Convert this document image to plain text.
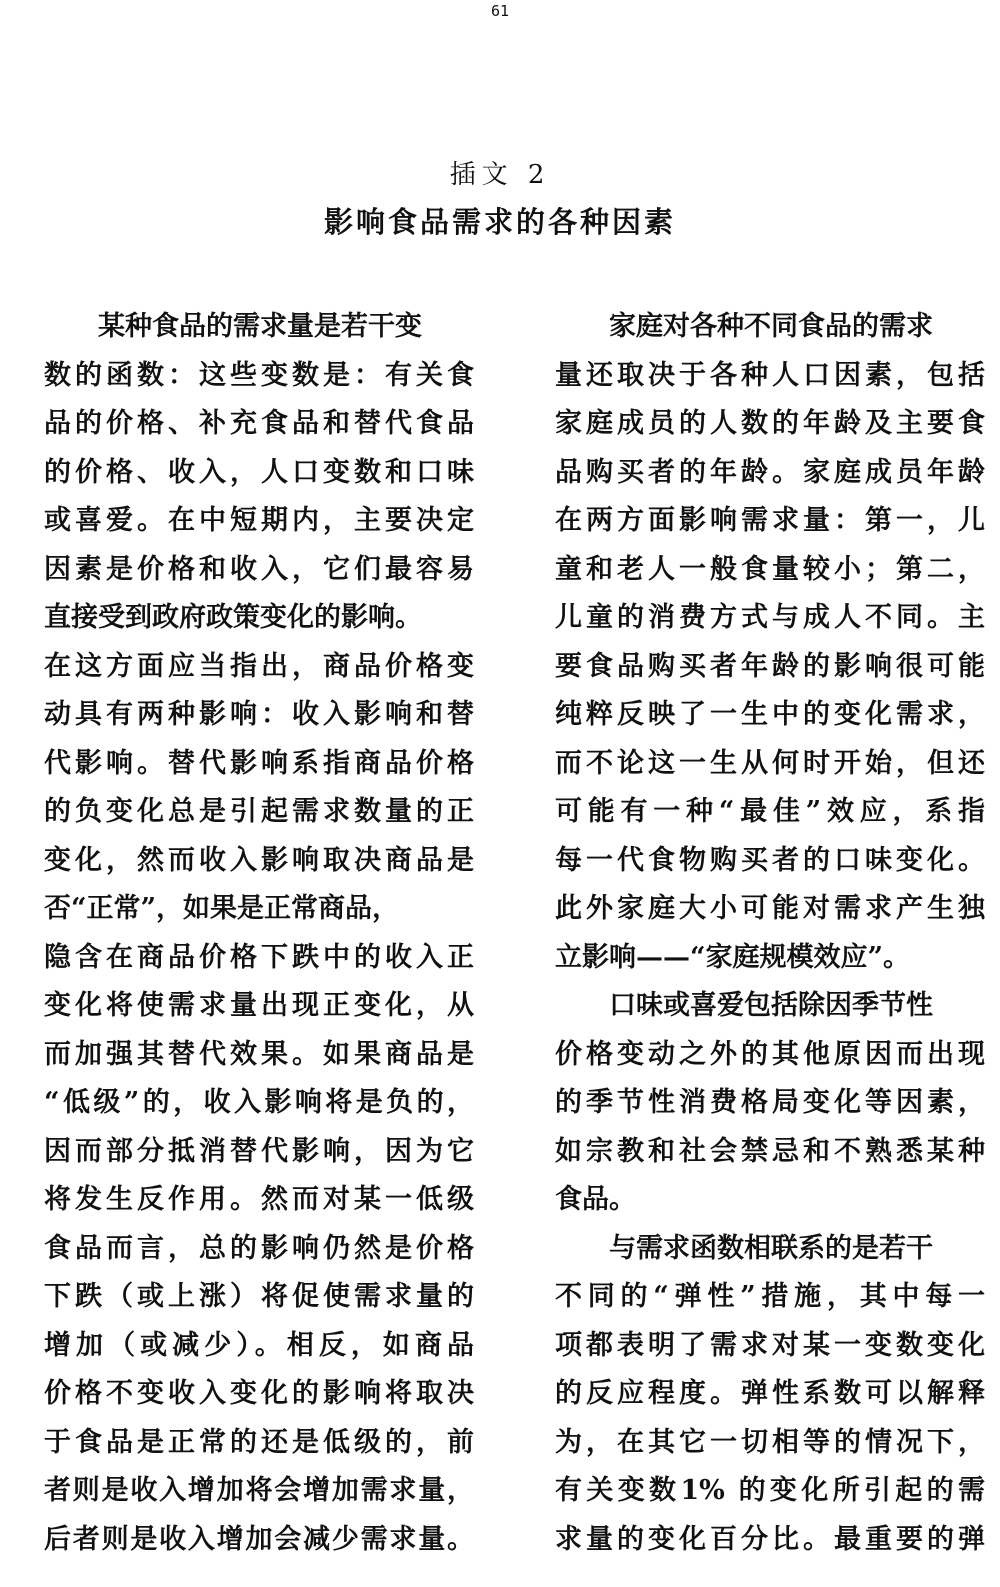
61
插文 2
影响食品需求的各种因素
某种食品的需求量是若干变
数的函数：这些变数是：有关食
品的价格、补充食品和替代食品
的价格、收入，人口变数和口味
或喜爱。在中短期内，主要决定
因素是价格和收入，它们最容易
直接受到政府政策变化的影响。
在这方面应当指出，商品价格变
动具有两种影响：收入影响和替
代影响。替代影响系指商品价格
的负变化总是引起需求数量的正
变化，然而收入影响取决商品是
否“正常”，如果是正常商品，
隐含在商品价格下跌中的收入正
变化将使需求量出现正变化，从
而加强其替代效果。如果商品是
“低级”的，收入影响将是负的，
因而部分抵消替代影响，因为它
将发生反作用。然而对某一低级
食品而言，总的影响仍然是价格
下跌（或上涨）将促使需求量的
增加（或减少）。相反，如商品
价格不变收入变化的影响将取决
于食品是正常的还是低级的，前
者则是收入增加将会增加需求量，
后者则是收入增加会减少需求量。
家庭对各种不同食品的需求
量还取决于各种人口因素，包括
家庭成员的人数的年龄及主要食
品购买者的年龄。家庭成员年龄
在两方面影响需求量：第一，儿
童和老人一般食量较小；第二，
儿童的消费方式与成人不同。主
要食品购买者年龄的影响很可能
纯粹反映了一生中的变化需求，
而不论这一生从何时开始，但还
可能有一种“最佳”效应，系指
每一代食物购买者的口味变化。
此外家庭大小可能对需求产生独
立影响——“家庭规模效应”。
口味或喜爱包括除因季节性
价格变动之外的其他原因而出现
的季节性消费格局变化等因素，
如宗教和社会禁忌和不熟悉某种
食品。
与需求函数相联系的是若干
不同的“弹性”措施，其中每一
项都表明了需求对某一变数变化
的反应程度。弹性系数可以解释
为，在其它一切相等的情况下，
有关变数1% 的变化所引起的需
求量的变化百分比。最重要的弹
